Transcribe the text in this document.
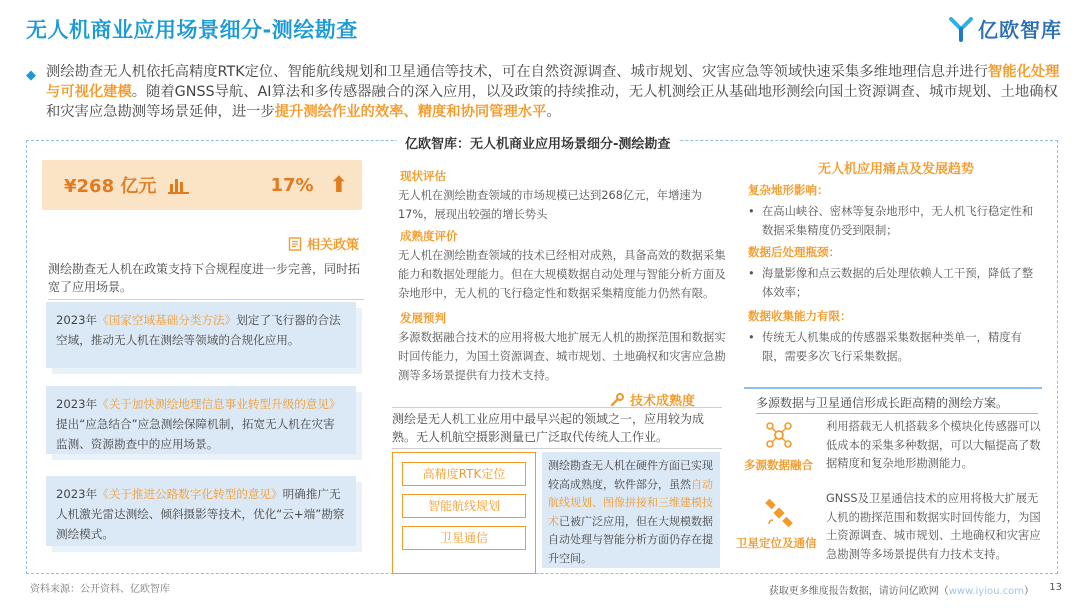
无人机商业应用场景细分-测绘勘查	亿欧智库
◆ 测绘勘查无人机依托高精度RTK定位、智能航线规划和卫星通信等技术，可在自然资源调查、城市规划、灾害应急等领域快速采集多维地理信息并进行智能化处理与可视化建模。随着GNSS导航、AI算法和多传感器融合的深入应用，以及政策的持续推动，无人机测绘正从基础地形测绘向国土资源调查、城市规划、土地确权和灾害应急勘测等场景延伸，进一步提升测绘作业的效率、精度和协同管理水平。
亿欧智库：无人机商业应用场景细分-测绘勘查
¥268 亿元	17% ⬆
相关政策
测绘勘查无人机在政策支持下合规程度进一步完善，同时拓宽了应用场景。
2023年《国家空域基础分类方法》划定了飞行器的合法空域，推动无人机在测绘等领域的合规化应用。
2023年《关于加快测绘地理信息事业转型升级的意见》提出“应急结合”应急测绘保障机制，拓宽无人机在灾害监测、资源勘查中的应用场景。
2023年《关于推进公路数字化转型的意见》明确推广无人机激光雷达测绘、倾斜摄影等技术，优化“云+端”勘察测绘模式。
现状评估
无人机在测绘勘查领域的市场规模已达到268亿元，年增速为17%，展现出较强的增长势头
成熟度评价
无人机在测绘勘查领域的技术已经相对成熟，具备高效的数据采集能力和数据处理能力。但在大规模数据自动处理与智能分析方面及杂地形中，无人机的飞行稳定性和数据采集精度能力仍然有限。
发展预判
多源数据融合技术的应用将极大地扩展无人机的勘探范围和数据实时回传能力，为国土资源调查、城市规划、土地确权和灾害应急勘测等多场景提供有力技术支持。
技术成熟度
测绘是无人机工业应用中最早兴起的领域之一，应用较为成熟。无人机航空摄影测量已广泛取代传统人工作业。
高精度RTK定位
智能航线规划
卫星通信
测绘勘查无人机在硬件方面已实现较高成熟度，软件部分，虽然自动航线规划、图像拼接和三维建模技术已被广泛应用，但在大规模数据自动处理与智能分析方面仍存在提升空间。
无人机应用痛点及发展趋势
复杂地形影响：
• 在高山峡谷、密林等复杂地形中，无人机飞行稳定性和数据采集精度仍受到限制；
数据后处理瓶颈：
• 海量影像和点云数据的后处理依赖人工干预，降低了整体效率；
数据收集能力有限：
• 传统无人机集成的传感器采集数据种类单一，精度有限，需要多次飞行采集数据。
多源数据与卫星通信形成长距高精的测绘方案。
多源数据融合
利用搭载无人机搭载多个模块化传感器可以低成本的采集多种数据，可以大幅提高了数据精度和复杂地形勘测能力。
卫星定位及通信
GNSS及卫星通信技术的应用将极大扩展无人机的勘探范围和数据实时回传能力，为国土资源调查、城市规划、土地确权和灾害应急勘测等多场景提供有力技术支持。
资料来源：公开资料、亿欧智库	获取更多维度报告数据，请访问亿欧网（www.iyiou.com） 13
